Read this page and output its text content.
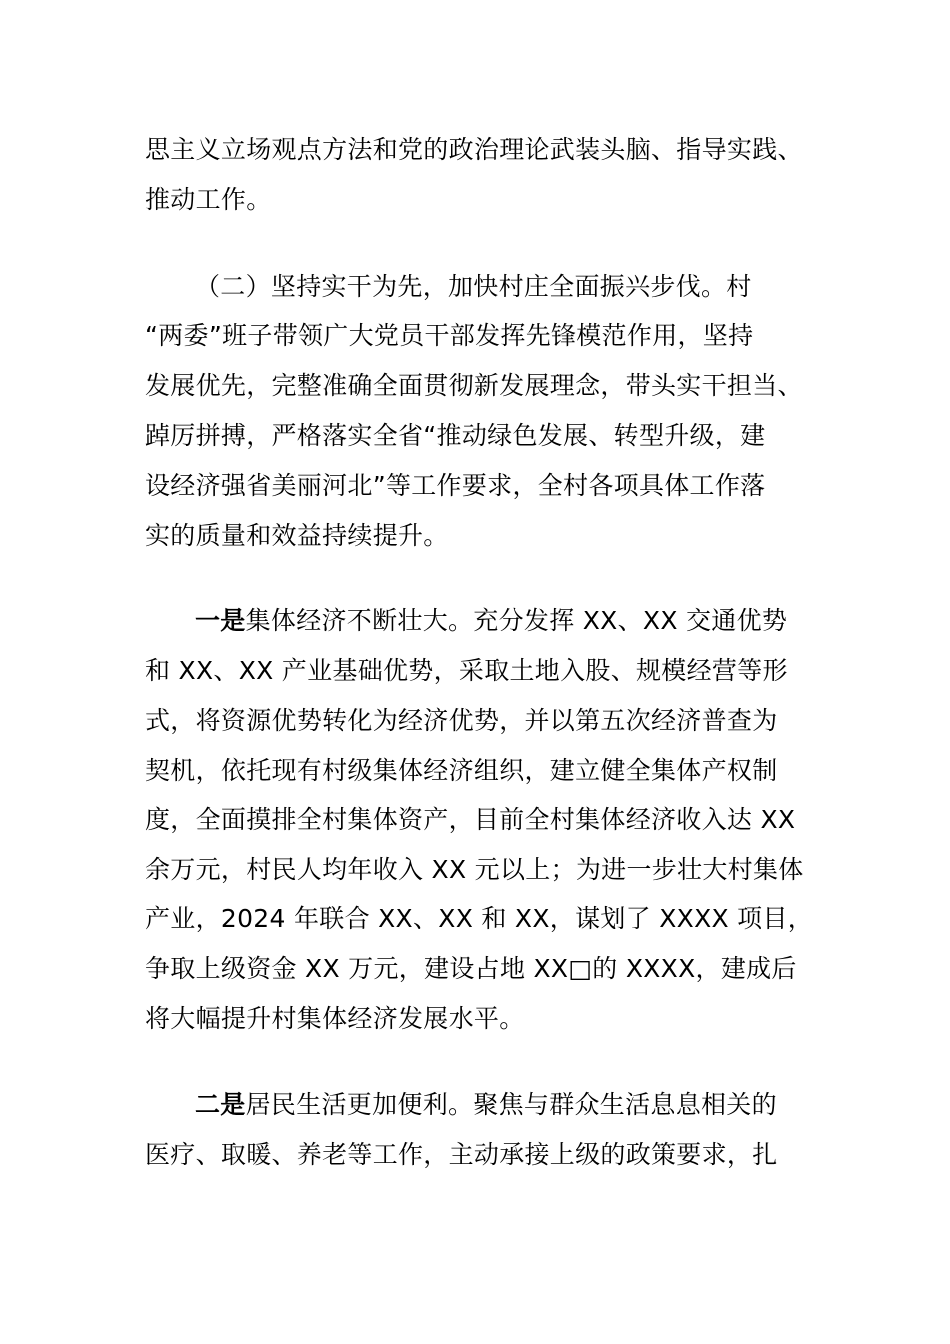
思主义立场观点方法和党的政治理论武装头脑、指导实践、
推动工作。
（二）坚持实干为先，加快村庄全面振兴步伐。村
“两委”班子带领广大党员干部发挥先锋模范作用，坚持
发展优先，完整准确全面贯彻新发展理念，带头实干担当、
踔厉拼搏，严格落实全省“推动绿色发展、转型升级，建
设经济强省美丽河北”等工作要求，全村各项具体工作落
实的质量和效益持续提升。
一是集体经济不断壮大。充分发挥 XX、XX 交通优势
和 XX、XX 产业基础优势，采取土地入股、规模经营等形
式，将资源优势转化为经济优势，并以第五次经济普查为
契机，依托现有村级集体经济组织，建立健全集体产权制
度，全面摸排全村集体资产，目前全村集体经济收入达 XX
余万元，村民人均年收入 XX 元以上；为进一步壮大村集体
产业，2024 年联合 XX、XX 和 XX，谋划了 XXXX 项目，
争取上级资金 XX 万元，建设占地 XX□的 XXXX，建成后
将大幅提升村集体经济发展水平。
二是居民生活更加便利。聚焦与群众生活息息相关的
医疗、取暖、养老等工作，主动承接上级的政策要求，扎
